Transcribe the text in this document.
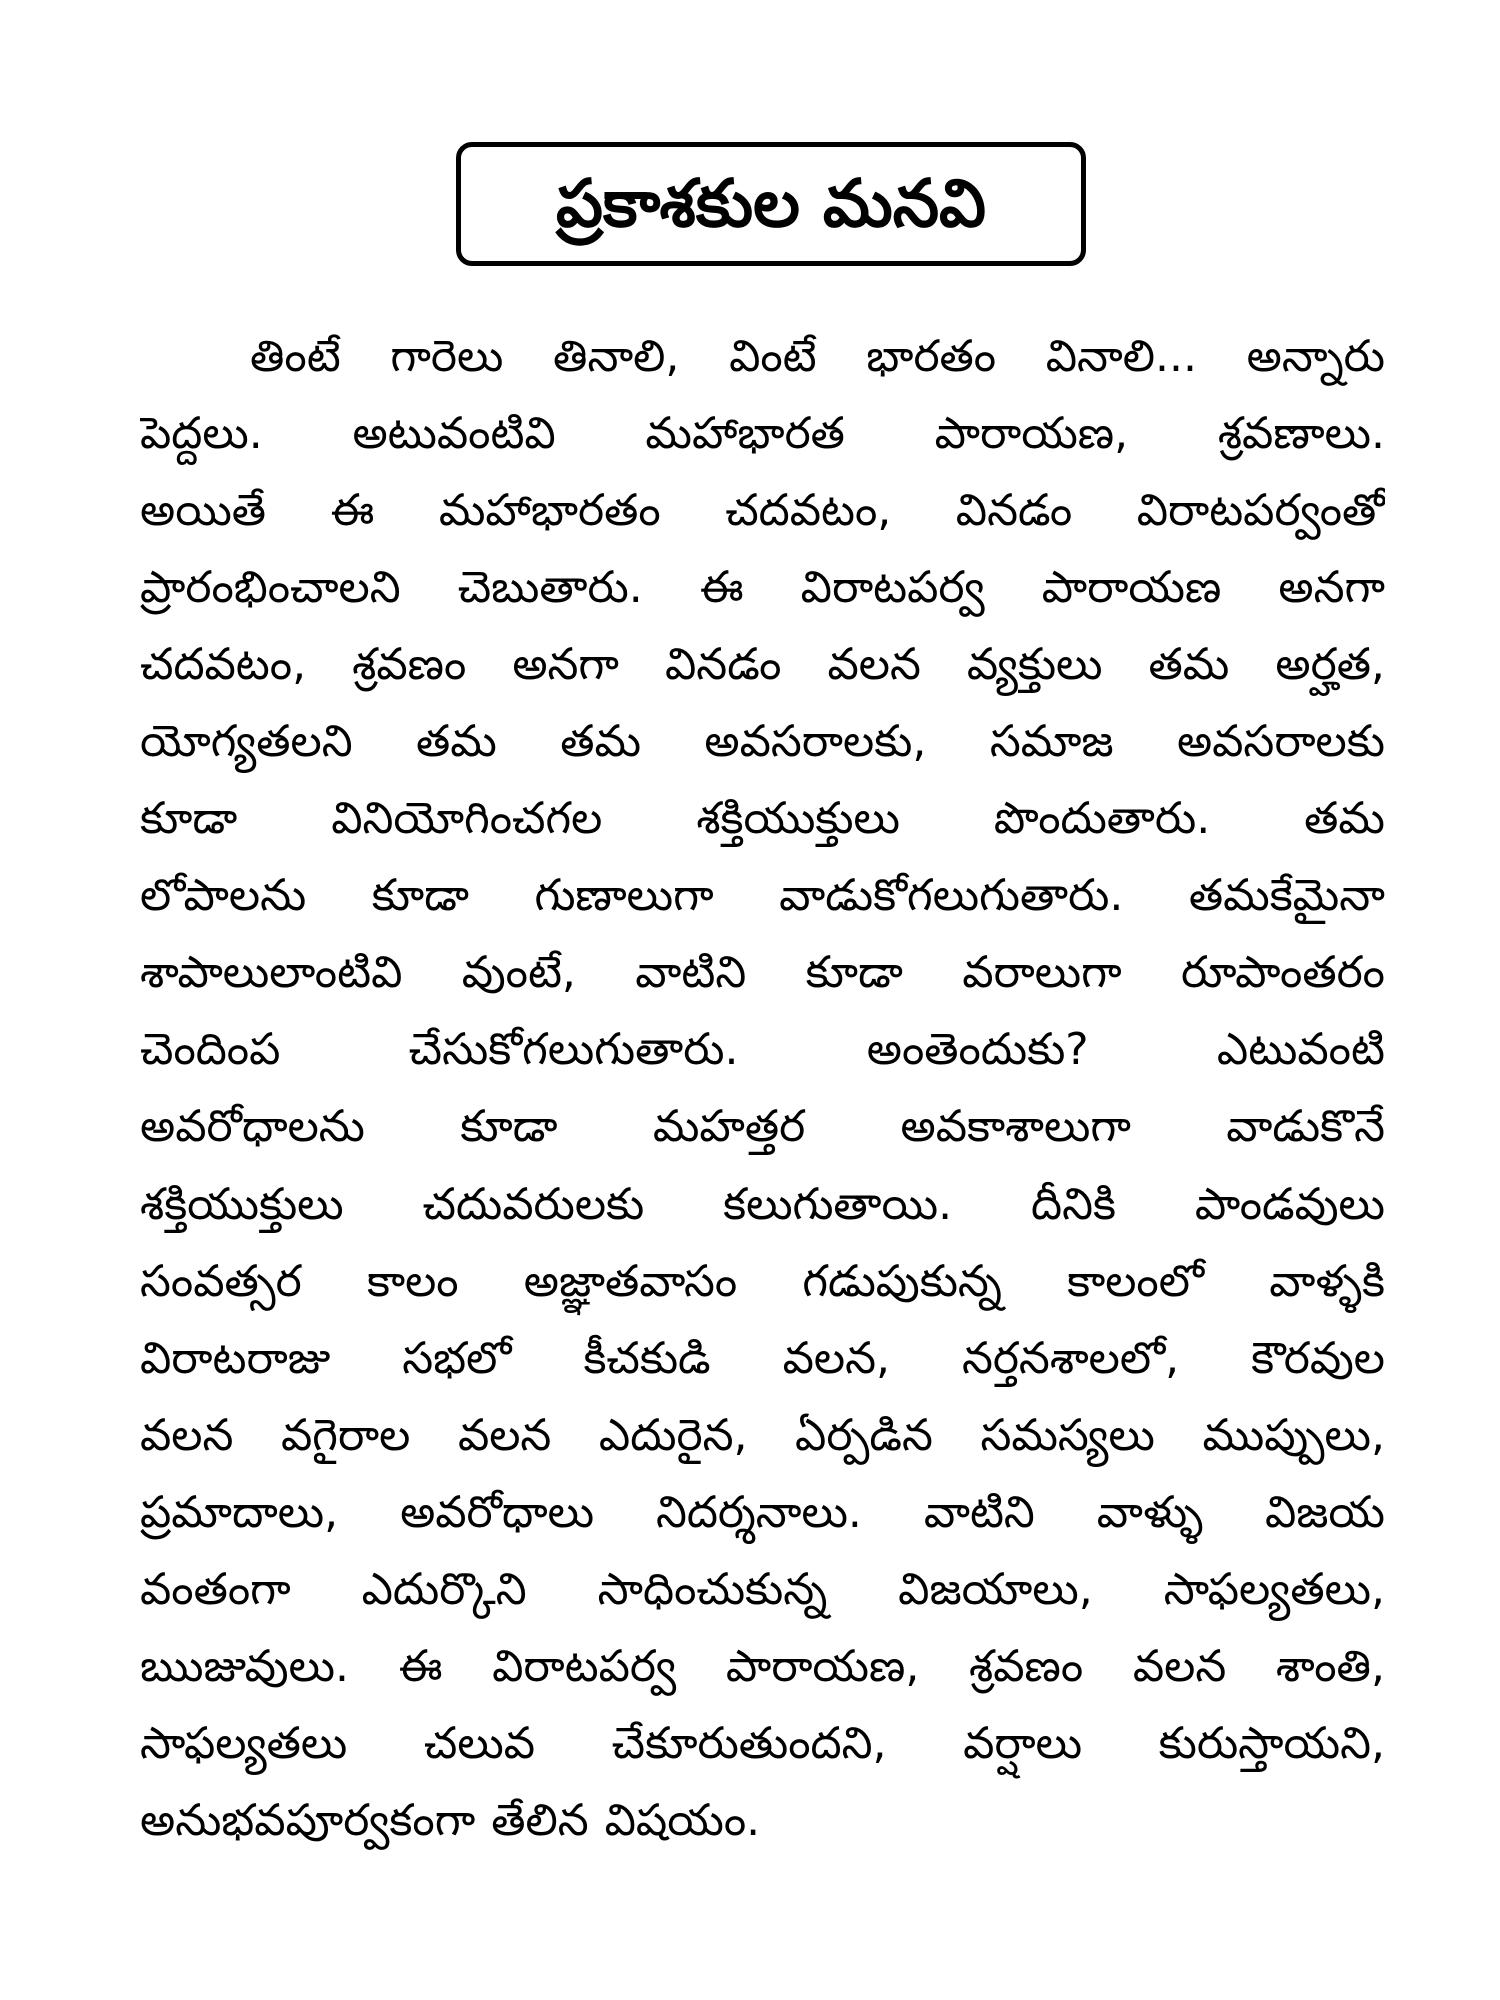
ప్రకాశకుల మనవి
తింటే గారెలు తినాలి, వింటే భారతం వినాలి... అన్నారు
పెద్దలు. అటువంటివి మహాభారత పారాయణ, శ్రవణాలు.
అయితే ఈ మహాభారతం చదవటం, వినడం విరాటపర్వంతో
ప్రారంభించాలని చెబుతారు. ఈ విరాటపర్వ పారాయణ అనగా
చదవటం, శ్రవణం అనగా వినడం వలన వ్యక్తులు తమ అర్హత,
యోగ్యతలని తమ తమ అవసరాలకు, సమాజ అవసరాలకు
కూడా వినియోగించగల శక్తియుక్తులు పొందుతారు. తమ
లోపాలను కూడా గుణాలుగా వాడుకోగలుగుతారు. తమకేమైనా
శాపాలులాంటివి వుంటే, వాటిని కూడా వరాలుగా రూపాంతరం
చెందింప	చేసుకోగలుగుతారు.	అంతెందుకు?	ఎటువంటి
అవరోధాలను కూడా మహత్తర అవకాశాలుగా వాడుకొనే
శక్తియుక్తులు చదువరులకు కలుగుతాయి. దీనికి పాండవులు
సంవత్సర కాలం అజ్ఞాతవాసం గడుపుకున్న కాలంలో వాళ్ళకి
విరాటరాజు సభలో కీచకుడి వలన, నర్తనశాలలో, కౌరవుల
వలన వగైరాల వలన ఎదురైన, ఏర్పడిన సమస్యలు ముప్పులు,
ప్రమాదాలు, అవరోధాలు నిదర్శనాలు. వాటిని వాళ్ళు విజయ
వంతంగా ఎదుర్కొని సాధించుకున్న విజయాలు, సాఫల్యతలు,
ఋజువులు. ఈ విరాటపర్వ పారాయణ, శ్రవణం వలన శాంతి,
సాఫల్యతలు చలువ చేకూరుతుందని, వర్షాలు కురుస్తాయని,
అనుభవపూర్వకంగా తేలిన విషయం.
